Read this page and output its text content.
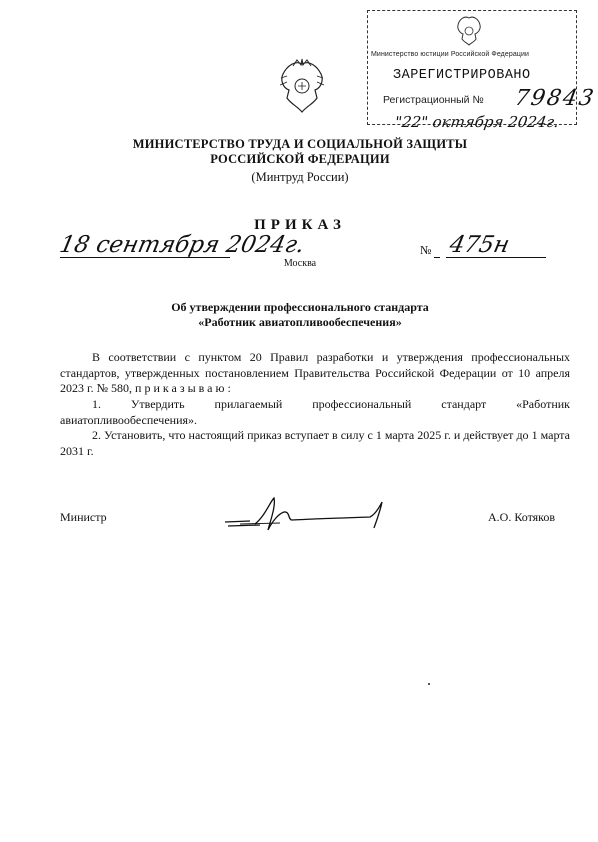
Министерство юстиции Российской Федерации
ЗАРЕГИСТРИРОВАНО
Регистрационный № 79843
"22" октября 2024г.
МИНИСТЕРСТВО ТРУДА И СОЦИАЛЬНОЙ ЗАЩИТЫ
РОССИЙСКОЙ ФЕДЕРАЦИИ
(Минтруд России)
ПРИКАЗ
18 сентября 2024г.	№ 475н
Москва
Об утверждении профессионального стандарта
«Работник авиатопливообеспечения»
В соответствии с пунктом 20 Правил разработки и утверждения профессиональных стандартов, утвержденных постановлением Правительства Российской Федерации от 10 апреля 2023 г. № 580, приказываю:
1. Утвердить прилагаемый профессиональный стандарт «Работник авиатопливообеспечения».
2. Установить, что настоящий приказ вступает в силу с 1 марта 2025 г. и действует до 1 марта 2031 г.
Министр	А.О. Котяков
